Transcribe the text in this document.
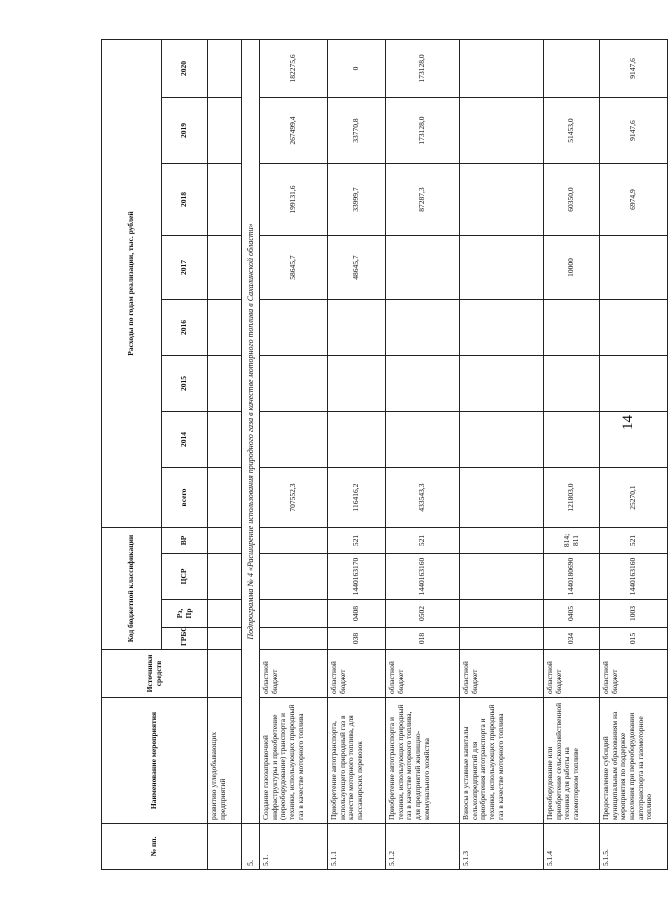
14
№ пп.	Наименование мероприятия	Источники средств	Код бюджетной классификации				Расходы по годам реализации, тыс. рублей							
			ГРБС	Рз, Пр	ЦСР	ВР	всего	2014	2015	2016	2017	2018	2019	2020
	развитию угледобывающих предприятий													
5.	Подпрограмма № 4 «Расширение использования природного газа в качестве моторного топлива в Сахалинской области»													
5.1.	Создание газозаправочной инфраструктуры и приобретение (переоборудование) транспорта и техники, использующих природный газ в качестве моторного топлива	областной бюджет					707552,3				58645,7	199131,6	267499,4	182275,6
5.1.1	Приобретение автотранспорта, использующего природный газ в качестве моторного топлива, для пассажирских перевозок	областной бюджет	038	0408	1440163170	521	116416,2				48645,7	33999,7	33770,8	0
5.1.2	Приобретение автотранспорта и техники, использующих природный газ в качестве моторного топлива, для предприятий жилищно-коммунального хозяйства	областной бюджет	018	0502	1440163160	521	433543,3					87287,3	173128,0	173128,0
5.1.3	Взносы в уставные капиталы сельхозпредприятий для приобретения автотранспорта и техники, использующих природный газ в качестве моторного топлива	областной бюджет												
5.1.4	Переоборудование или приобретение сельскохозяйственной техники для работы на газомоторном топливе	областной бюджет	034	0405	1440180690	814; 811	121803,0				10000	60350,0	51453,0	
5.1.5.	Предоставление субсидий муниципальным образованиям на мероприятия по поддержке населения при переоборудовании автотранспорта на газомоторное топливо	областной бюджет	015	1003	1440163160	521	25270,1					6974,9	9147,6	9147,6
